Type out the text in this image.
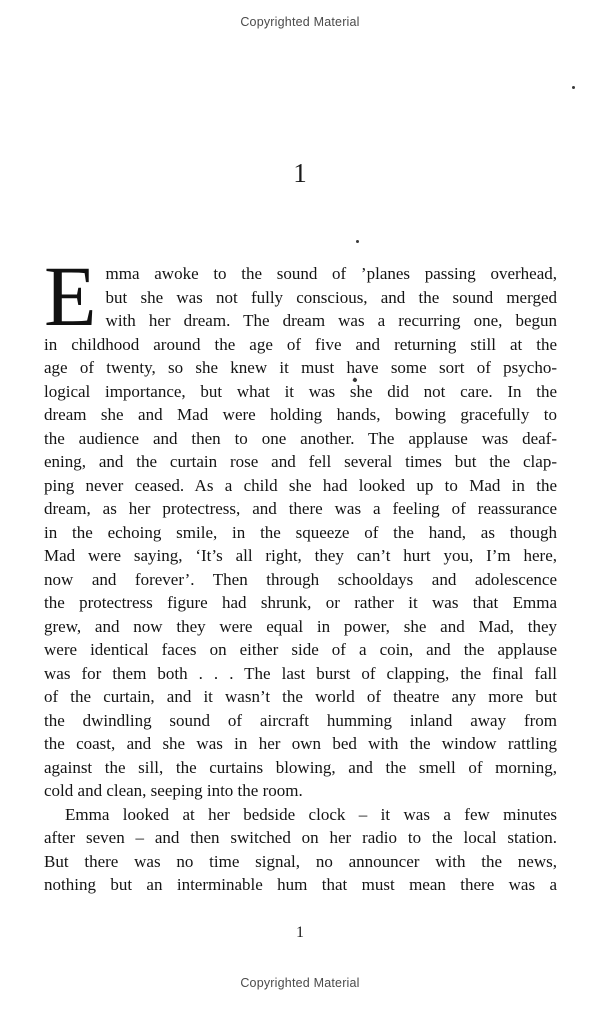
Copyrighted Material
1
E mma awoke to the sound of ’planes passing overhead,
but she was not fully conscious, and the sound merged
with her dream. The dream was a recurring one, begun
in childhood around the age of five and returning still at the
age of twenty, so she knew it must have some sort of psycho-
logical importance, but what it was she did not care. In the
dream she and Mad were holding hands, bowing gracefully to
the audience and then to one another. The applause was deaf-
ening, and the curtain rose and fell several times but the clap-
ping never ceased. As a child she had looked up to Mad in the
dream, as her protectress, and there was a feeling of reassurance
in the echoing smile, in the squeeze of the hand, as though
Mad were saying, ‘It’s all right, they can’t hurt you, I’m here,
now and forever’. Then through schooldays and adolescence
the protectress figure had shrunk, or rather it was that Emma
grew, and now they were equal in power, she and Mad, they
were identical faces on either side of a coin, and the applause
was for them both . . . The last burst of clapping, the final fall
of the curtain, and it wasn’t the world of theatre any more but
the dwindling sound of aircraft humming inland away from
the coast, and she was in her own bed with the window rattling
against the sill, the curtains blowing, and the smell of morning,
cold and clean, seeping into the room.
Emma looked at her bedside clock – it was a few minutes
after seven – and then switched on her radio to the local station.
But there was no time signal, no announcer with the news,
nothing but an interminable hum that must mean there was a
1
Copyrighted Material
